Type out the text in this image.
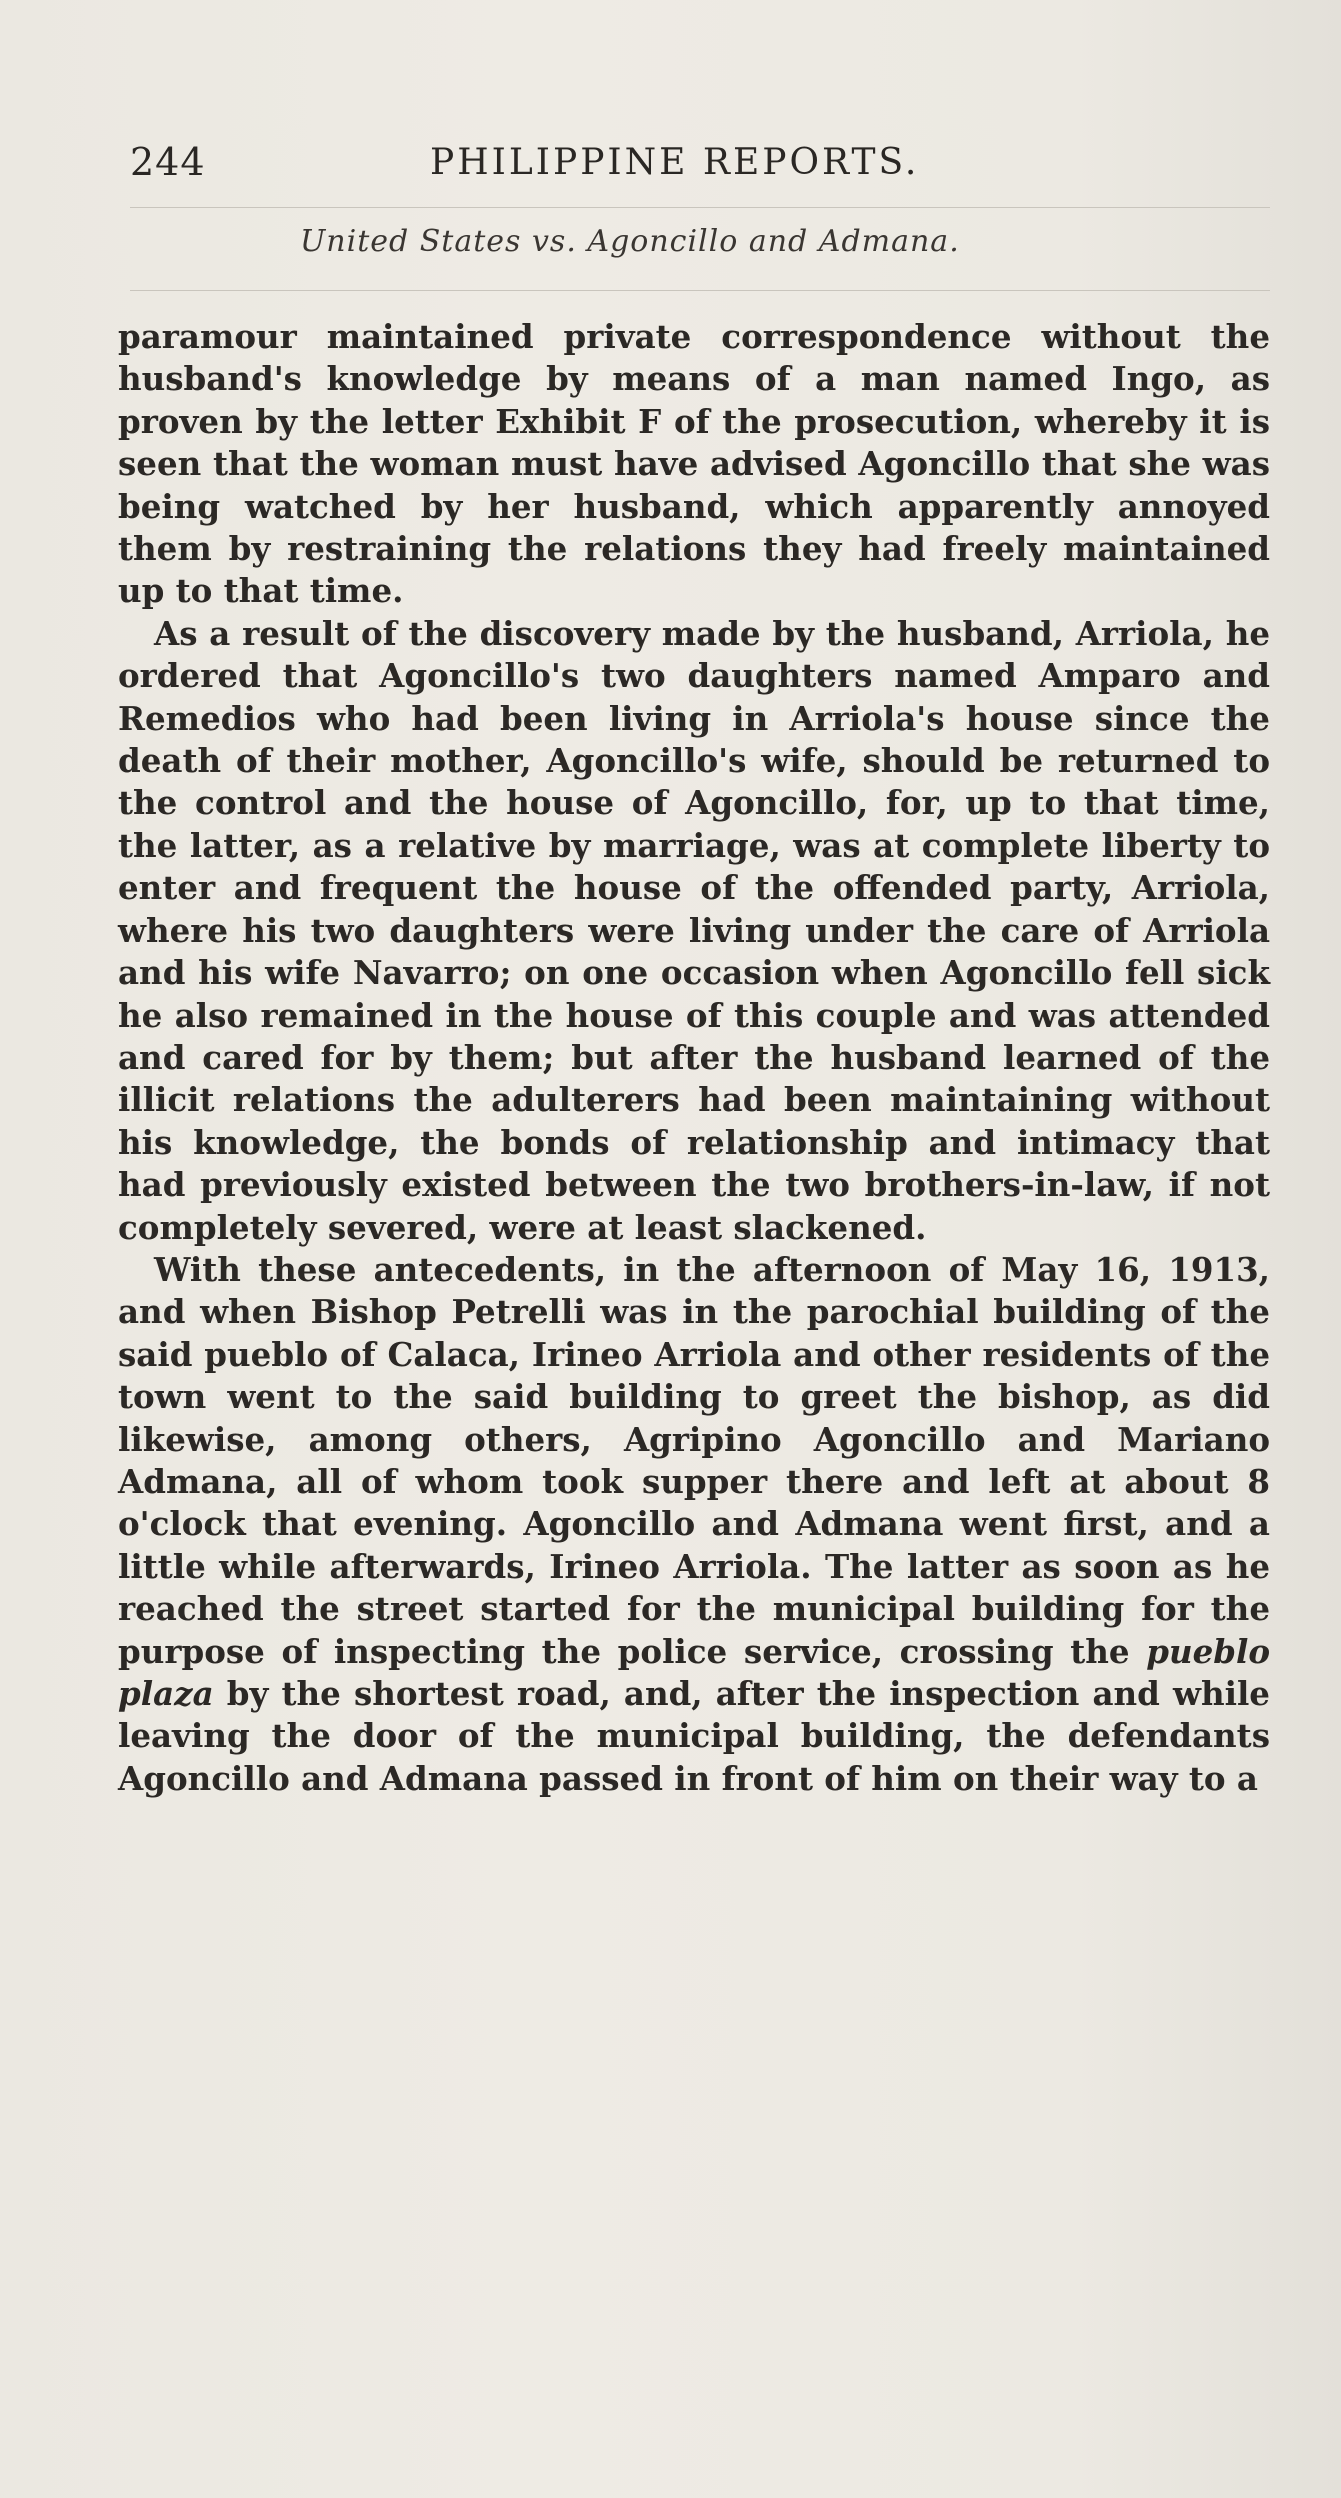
244	PHILIPPINE REPORTS.
United States vs. Agoncillo and Admana.

paramour maintained private correspondence without the husband's knowledge by means of a man named Ingo, as proven by the letter Exhibit F of the prosecution, whereby it is seen that the woman must have advised Agoncillo that she was being watched by her husband, which apparently annoyed them by restraining the relations they had freely maintained up to that time.

As a result of the discovery made by the husband, Arriola, he ordered that Agoncillo's two daughters named Amparo and Remedios who had been living in Arriola's house since the death of their mother, Agoncillo's wife, should be returned to the control and the house of Agoncillo, for, up to that time, the latter, as a relative by marriage, was at complete liberty to enter and frequent the house of the offended party, Arriola, where his two daughters were living under the care of Arriola and his wife Navarro; on one occasion when Agoncillo fell sick he also remained in the house of this couple and was attended and cared for by them; but after the husband learned of the illicit relations the adulterers had been maintaining without his knowledge, the bonds of relationship and intimacy that had previously existed between the two brothers-in-law, if not completely severed, were at least slackened.

With these antecedents, in the afternoon of May 16, 1913, and when Bishop Petrelli was in the parochial building of the said pueblo of Calaca, Irineo Arriola and other residents of the town went to the said building to greet the bishop, as did likewise, among others, Agripino Agoncillo and Mariano Admana, all of whom took supper there and left at about 8 o'clock that evening. Agoncillo and Admana went first, and a little while afterwards, Irineo Arriola. The latter as soon as he reached the street started for the municipal building for the purpose of inspecting the police service, crossing the pueblo plaza by the shortest road, and, after the inspection and while leaving the door of the municipal building, the defendants Agoncillo and Admana passed in front of him on their way to a
